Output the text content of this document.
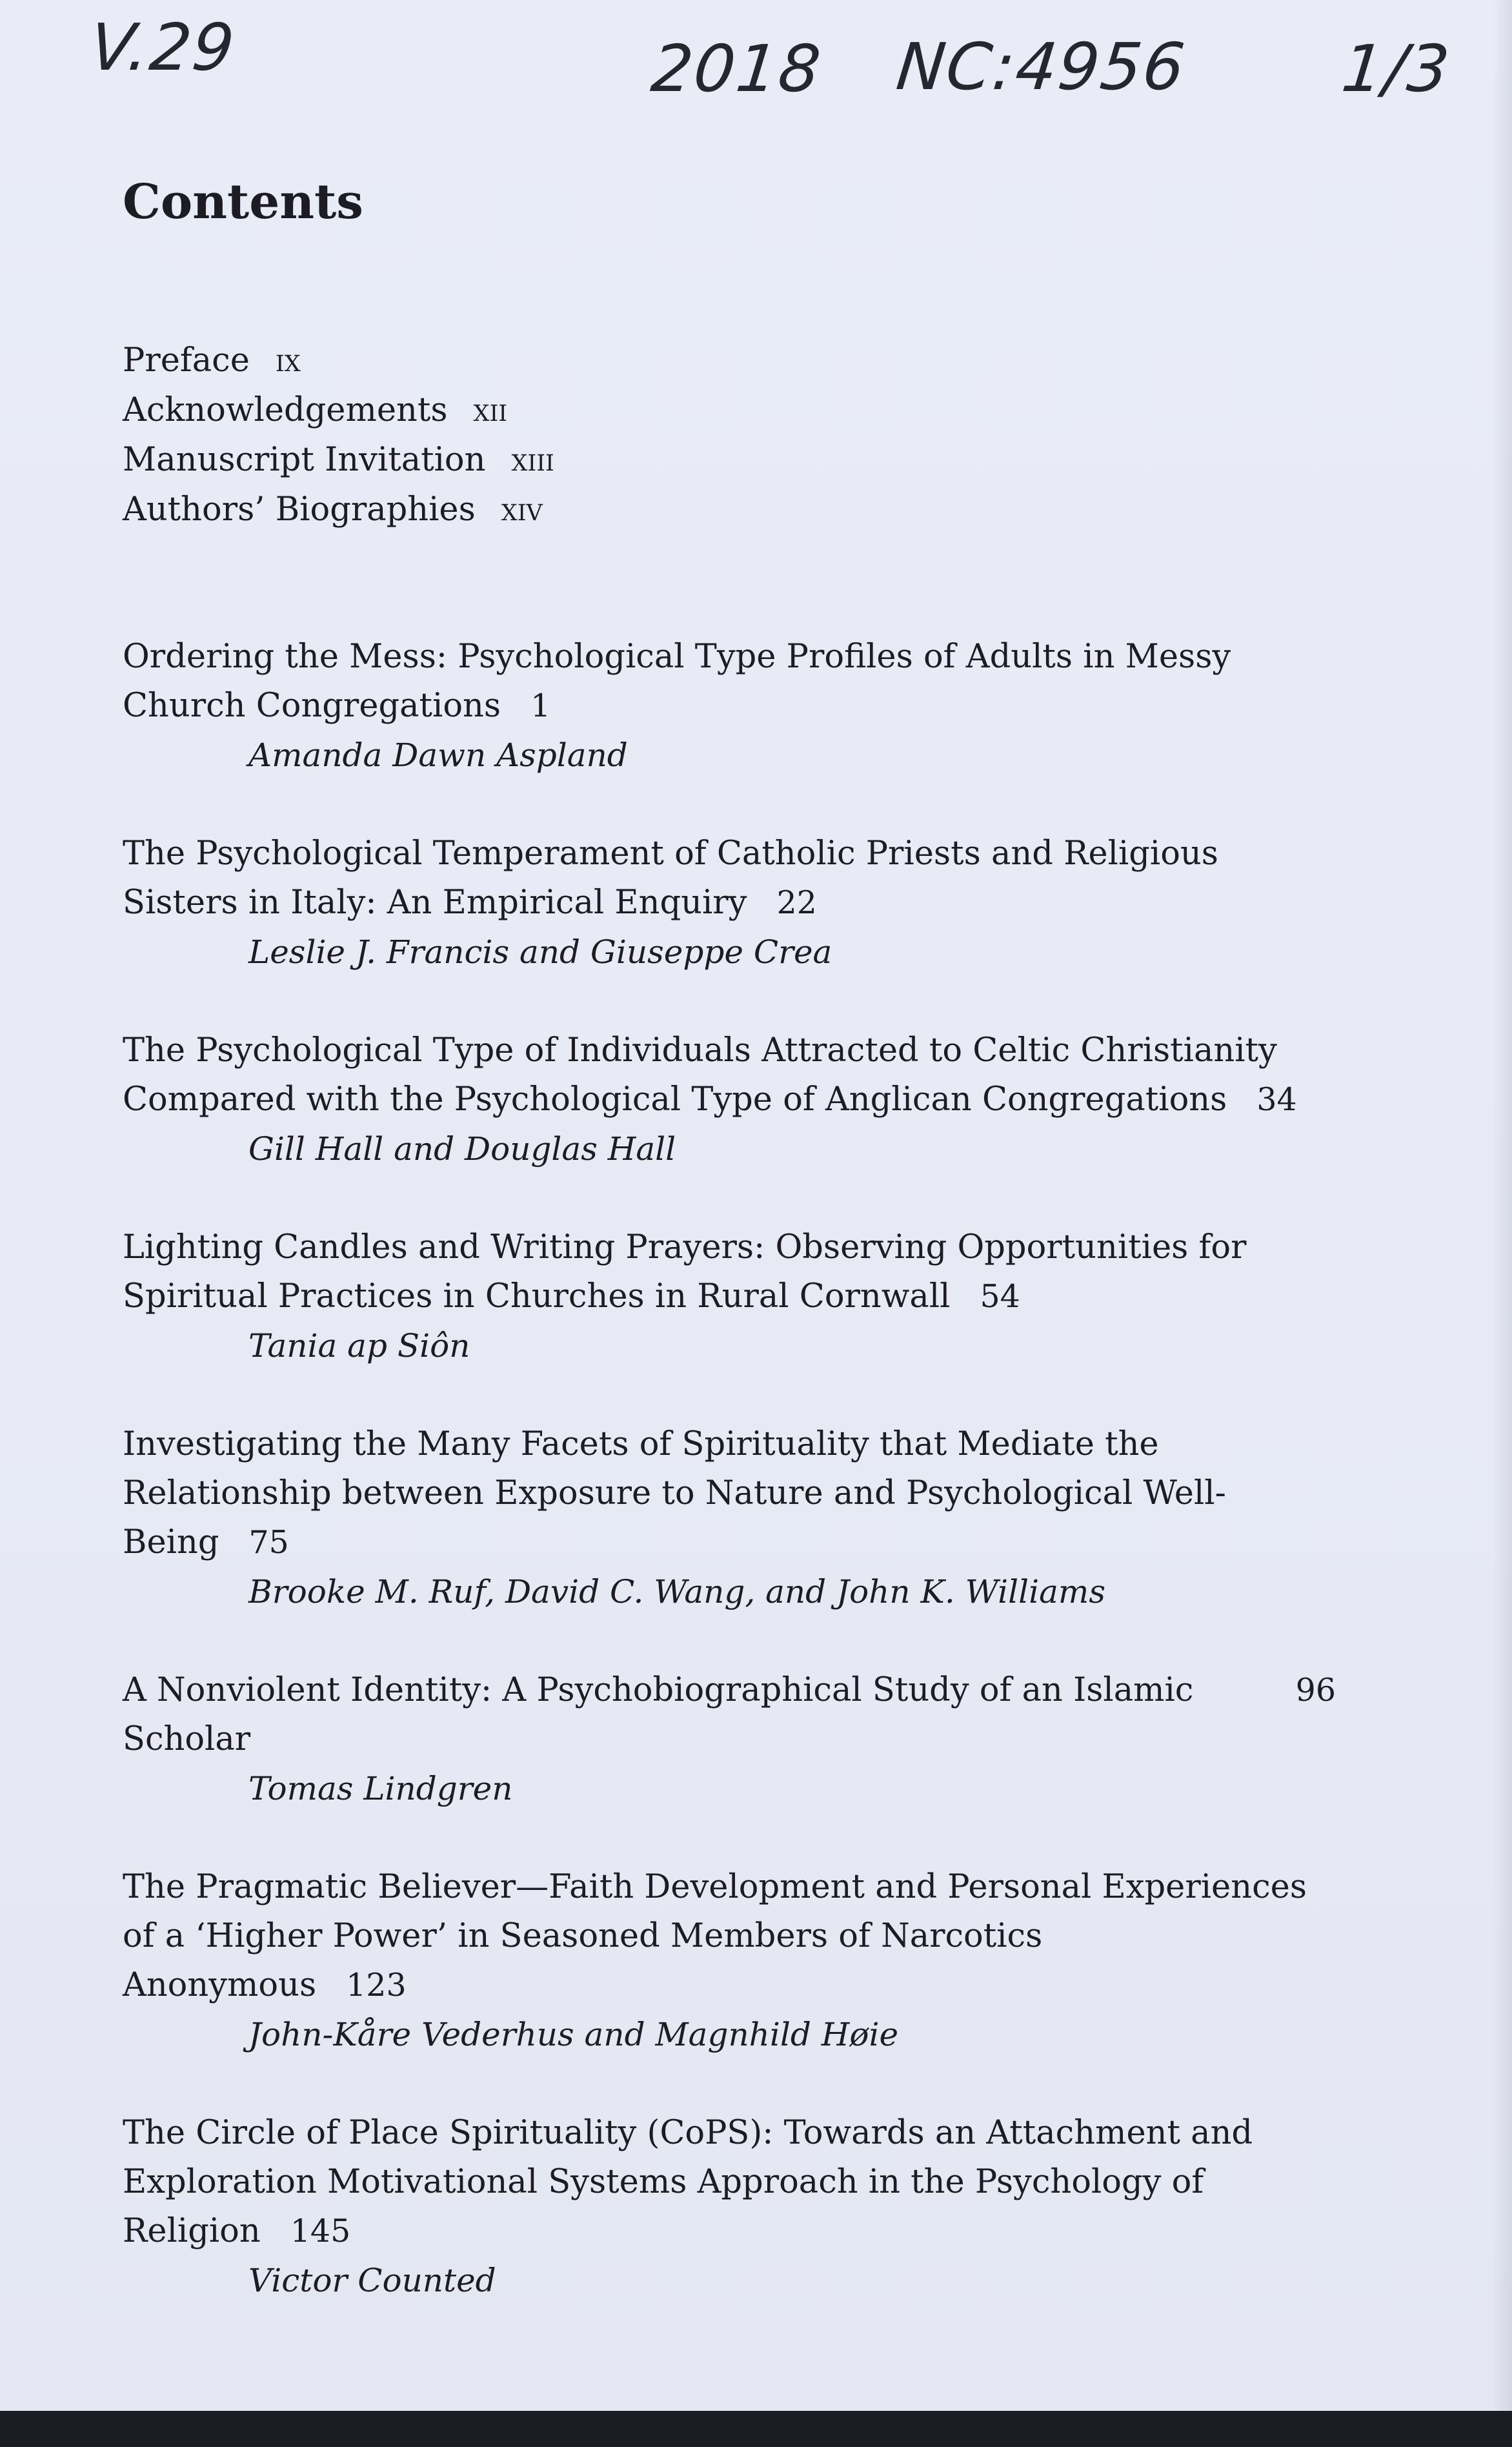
V.29	2018 NC:4956 1/3
Contents
Preface ix
Acknowledgements xii
Manuscript Invitation xiii
Authors’ Biographies xiv
Ordering the Mess: Psychological Type Profiles of Adults in Messy Church Congregations 1
Amanda Dawn Aspland
The Psychological Temperament of Catholic Priests and Religious Sisters in Italy: An Empirical Enquiry 22
Leslie J. Francis and Giuseppe Crea
The Psychological Type of Individuals Attracted to Celtic Christianity Compared with the Psychological Type of Anglican Congregations 34
Gill Hall and Douglas Hall
Lighting Candles and Writing Prayers: Observing Opportunities for Spiritual Practices in Churches in Rural Cornwall 54
Tania ap Siôn
Investigating the Many Facets of Spirituality that Mediate the Relationship between Exposure to Nature and Psychological Well-Being 75
Brooke M. Ruf, David C. Wang, and John K. Williams
A Nonviolent Identity: A Psychobiographical Study of an Islamic Scholar
96
Tomas Lindgren
The Pragmatic Believer—Faith Development and Personal Experiences of a ‘Higher Power’ in Seasoned Members of Narcotics Anonymous 123
John-Kåre Vederhus and Magnhild Høie
The Circle of Place Spirituality (CoPS): Towards an Attachment and Exploration Motivational Systems Approach in the Psychology of Religion 145
Victor Counted
